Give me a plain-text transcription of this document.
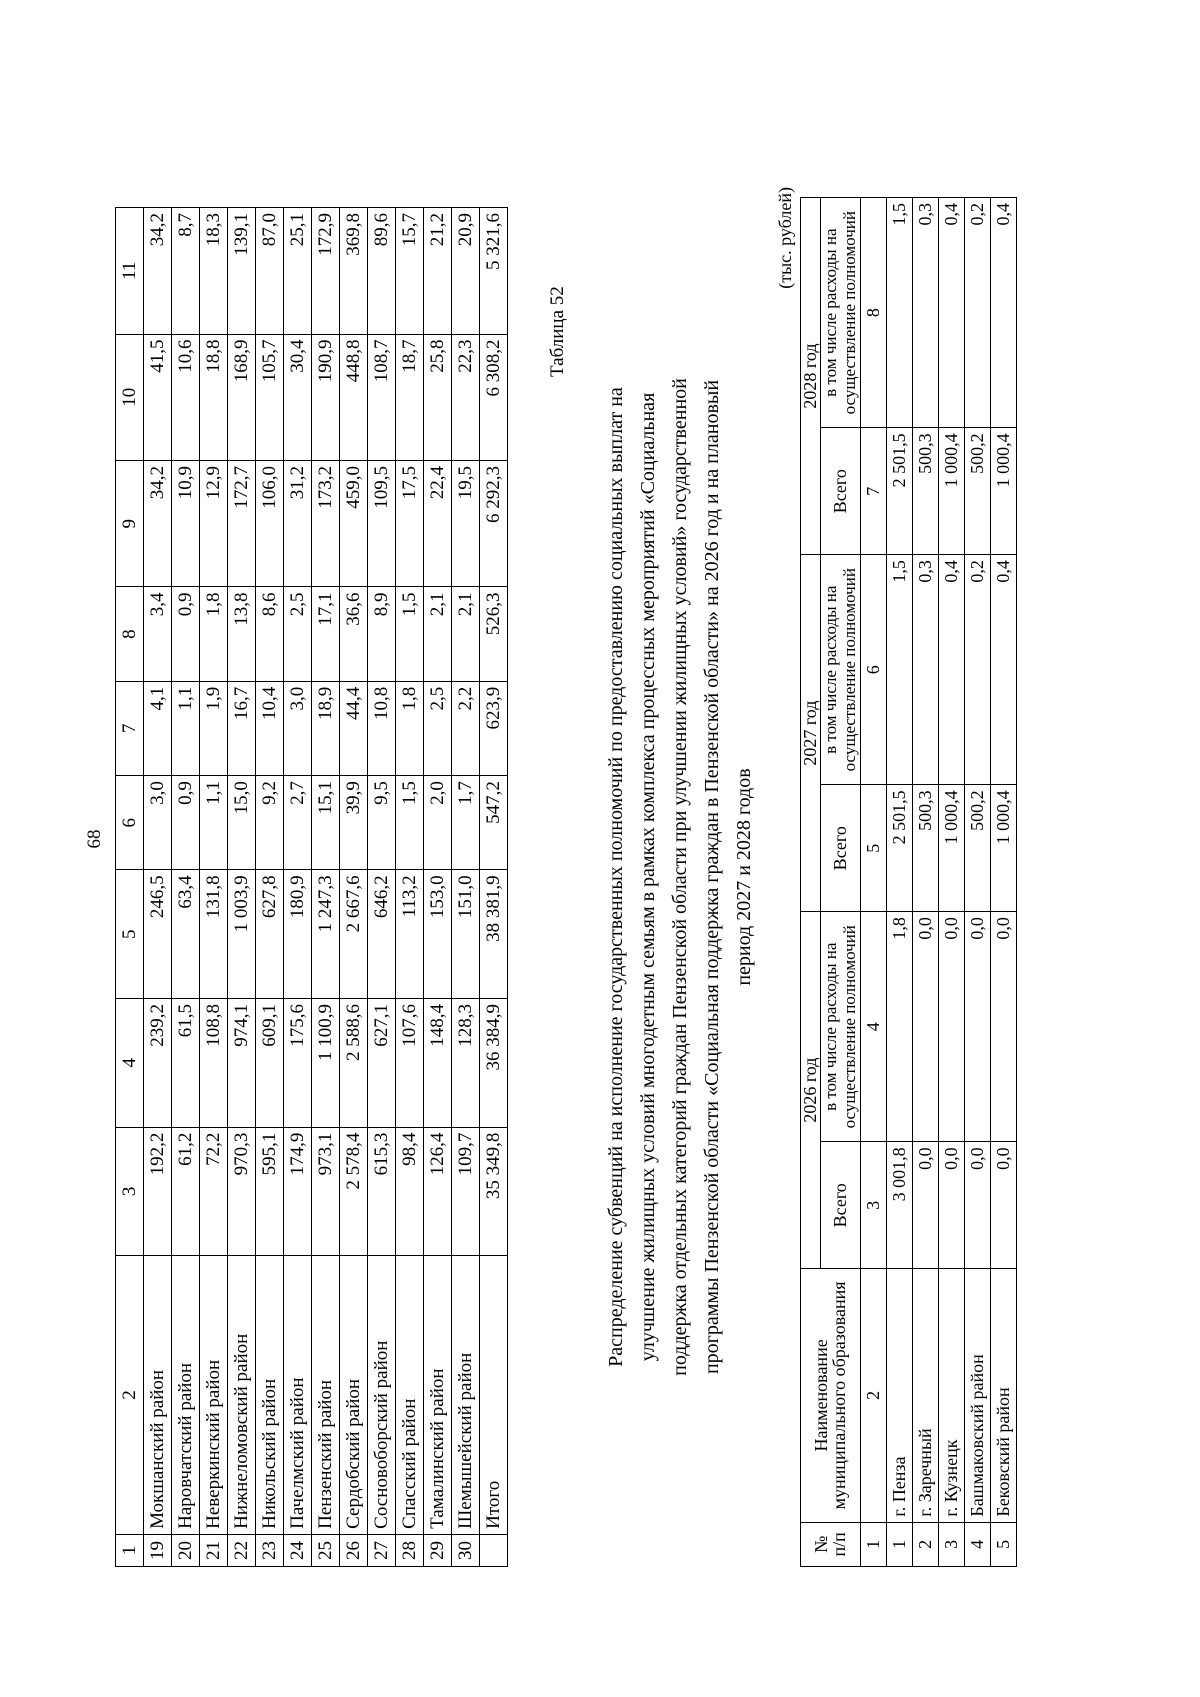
68
1	2	3	4	5	6	7	8	9	10	11
19	Мокшанский район	192,2	239,2	246,5	3,0	4,1	3,4	34,2	41,5	34,2
20	Наровчатский район	61,2	61,5	63,4	0,9	1,1	0,9	10,9	10,6	8,7
21	Неверкинский район	72,2	108,8	131,8	1,1	1,9	1,8	12,9	18,8	18,3
22	Нижнеломовский район	970,3	974,1	1 003,9	15,0	16,7	13,8	172,7	168,9	139,1
23	Никольский район	595,1	609,1	627,8	9,2	10,4	8,6	106,0	105,7	87,0
24	Пачелмский район	174,9	175,6	180,9	2,7	3,0	2,5	31,2	30,4	25,1
25	Пензенский район	973,1	1 100,9	1 247,3	15,1	18,9	17,1	173,2	190,9	172,9
26	Сердобский район	2 578,4	2 588,6	2 667,6	39,9	44,4	36,6	459,0	448,8	369,8
27	Сосновоборский район	615,3	627,1	646,2	9,5	10,8	8,9	109,5	108,7	89,6
28	Спасский район	98,4	107,6	113,2	1,5	1,8	1,5	17,5	18,7	15,7
29	Тамалинский район	126,4	148,4	153,0	2,0	2,5	2,1	22,4	25,8	21,2
30	Шемышейский район	109,7	128,3	151,0	1,7	2,2	2,1	19,5	22,3	20,9
	Итого	35 349,8	36 384,9	38 381,9	547,2	623,9	526,3	6 292,3	6 308,2	5 321,6
Таблица 52
Распределение субвенций на исполнение государственных полномочий по предоставлению социальных выплат на улучшение жилищных условий многодетным семьям в рамках комплекса процессных мероприятий «Социальная поддержка отдельных категорий граждан Пензенской области при улучшении жилищных условий» государственной программы Пензенской области «Социальная поддержка граждан в Пензенской области» на 2026 год и на плановый период 2027 и 2028 годов
(тыс. рублей)
№ п/п	Наименование муниципального образования	2026 год		2027 год		2028 год	
		Всего	в том числе расходы на осуществление полномочий	Всего	в том числе расходы на осуществление полномочий	Всего	в том числе расходы на осуществление полномочий
1	2	3	4	5	6	7	8
1	г. Пенза	3 001,8	1,8	2 501,5	1,5	2 501,5	1,5
2	г. Заречный	0,0	0,0	500,3	0,3	500,3	0,3
3	г. Кузнецк	0,0	0,0	1 000,4	0,4	1 000,4	0,4
4	Башмаковский район	0,0	0,0	500,2	0,2	500,2	0,2
5	Бековский район	0,0	0,0	1 000,4	0,4	1 000,4	0,4
